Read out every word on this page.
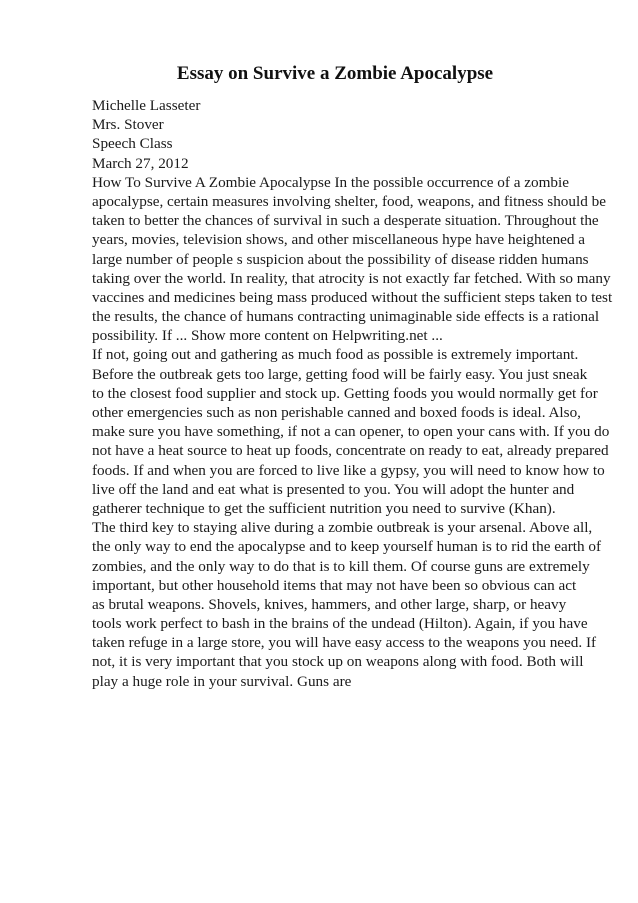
Essay on Survive a Zombie Apocalypse
Michelle Lasseter
Mrs. Stover
Speech Class
March 27, 2012
How To Survive A Zombie Apocalypse In the possible occurrence of a zombie
apocalypse, certain measures involving shelter, food, weapons, and fitness should be
taken to better the chances of survival in such a desperate situation. Throughout the
years, movies, television shows, and other miscellaneous hype have heightened a
large number of people s suspicion about the possibility of disease ridden humans
taking over the world. In reality, that atrocity is not exactly far fetched. With so many
vaccines and medicines being mass produced without the sufficient steps taken to test
the results, the chance of humans contracting unimaginable side effects is a rational
possibility. If ... Show more content on Helpwriting.net ...
If not, going out and gathering as much food as possible is extremely important.
Before the outbreak gets too large, getting food will be fairly easy. You just sneak
to the closest food supplier and stock up. Getting foods you would normally get for
other emergencies such as non perishable canned and boxed foods is ideal. Also,
make sure you have something, if not a can opener, to open your cans with. If you do
not have a heat source to heat up foods, concentrate on ready to eat, already prepared
foods. If and when you are forced to live like a gypsy, you will need to know how to
live off the land and eat what is presented to you. You will adopt the hunter and
gatherer technique to get the sufficient nutrition you need to survive (Khan).
The third key to staying alive during a zombie outbreak is your arsenal. Above all,
the only way to end the apocalypse and to keep yourself human is to rid the earth of
zombies, and the only way to do that is to kill them. Of course guns are extremely
important, but other household items that may not have been so obvious can act
as brutal weapons. Shovels, knives, hammers, and other large, sharp, or heavy
tools work perfect to bash in the brains of the undead (Hilton). Again, if you have
taken refuge in a large store, you will have easy access to the weapons you need. If
not, it is very important that you stock up on weapons along with food. Both will
play a huge role in your survival. Guns are
